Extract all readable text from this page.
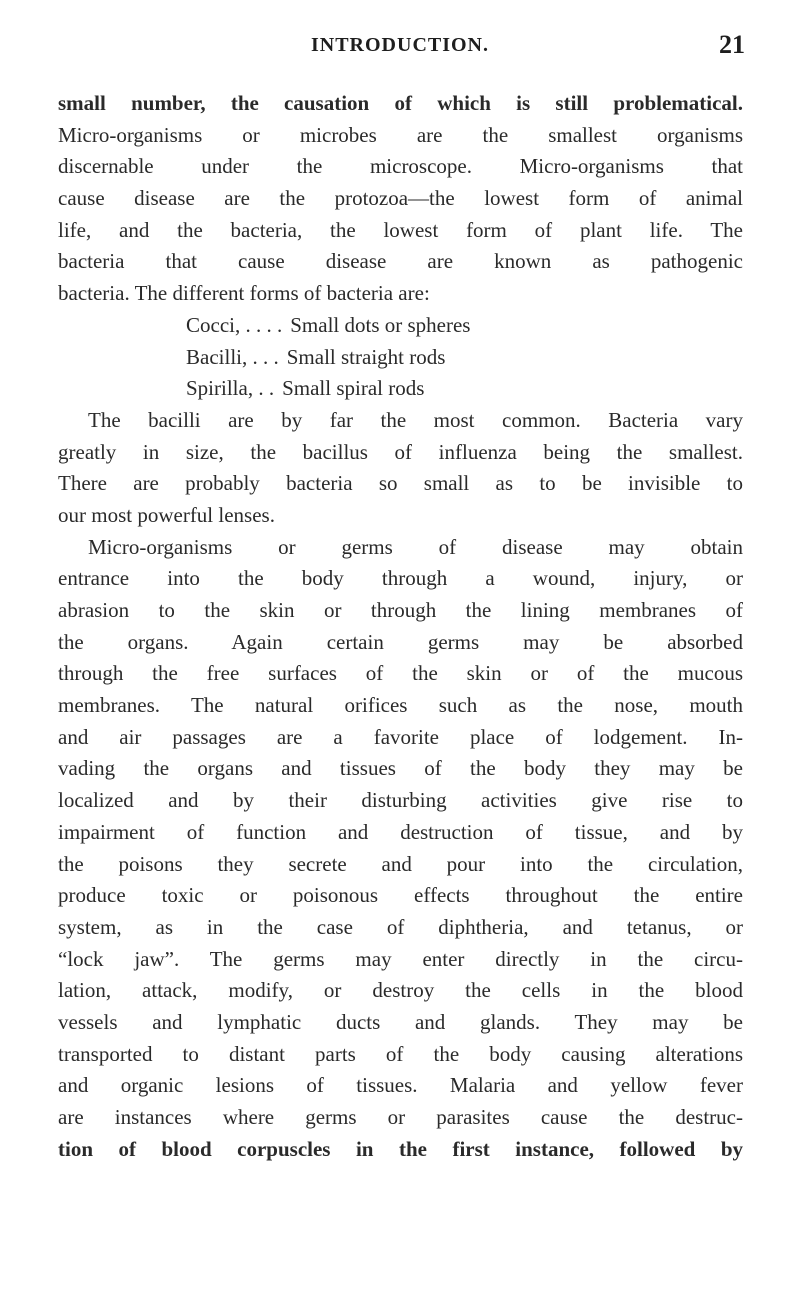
INTRODUCTION.	21
small number, the causation of which is still problematical.
Micro-organisms or microbes are the smallest organisms
discernable under the microscope. Micro-organisms that
cause disease are the protozoa—the lowest form of animal
life, and the bacteria, the lowest form of plant life. The
bacteria that cause disease are known as pathogenic
bacteria. The different forms of bacteria are:
Cocci, . . . . Small dots or spheres
Bacilli, . . . Small straight rods
Spirilla, . . Small spiral rods
The bacilli are by far the most common. Bacteria vary
greatly in size, the bacillus of influenza being the smallest.
There are probably bacteria so small as to be invisible to
our most powerful lenses.
Micro-organisms or germs of disease may obtain
entrance into the body through a wound, injury, or
abrasion to the skin or through the lining membranes of
the organs. Again certain germs may be absorbed
through the free surfaces of the skin or of the mucous
membranes. The natural orifices such as the nose, mouth
and air passages are a favorite place of lodgement. In-
vading the organs and tissues of the body they may be
localized and by their disturbing activities give rise to
impairment of function and destruction of tissue, and by
the poisons they secrete and pour into the circulation,
produce toxic or poisonous effects throughout the entire
system, as in the case of diphtheria, and tetanus, or
“lock jaw”. The germs may enter directly in the circu-
lation, attack, modify, or destroy the cells in the blood
vessels and lymphatic ducts and glands. They may be
transported to distant parts of the body causing alterations
and organic lesions of tissues. Malaria and yellow fever
are instances where germs or parasites cause the destruc-
tion of blood corpuscles in the first instance, followed by
